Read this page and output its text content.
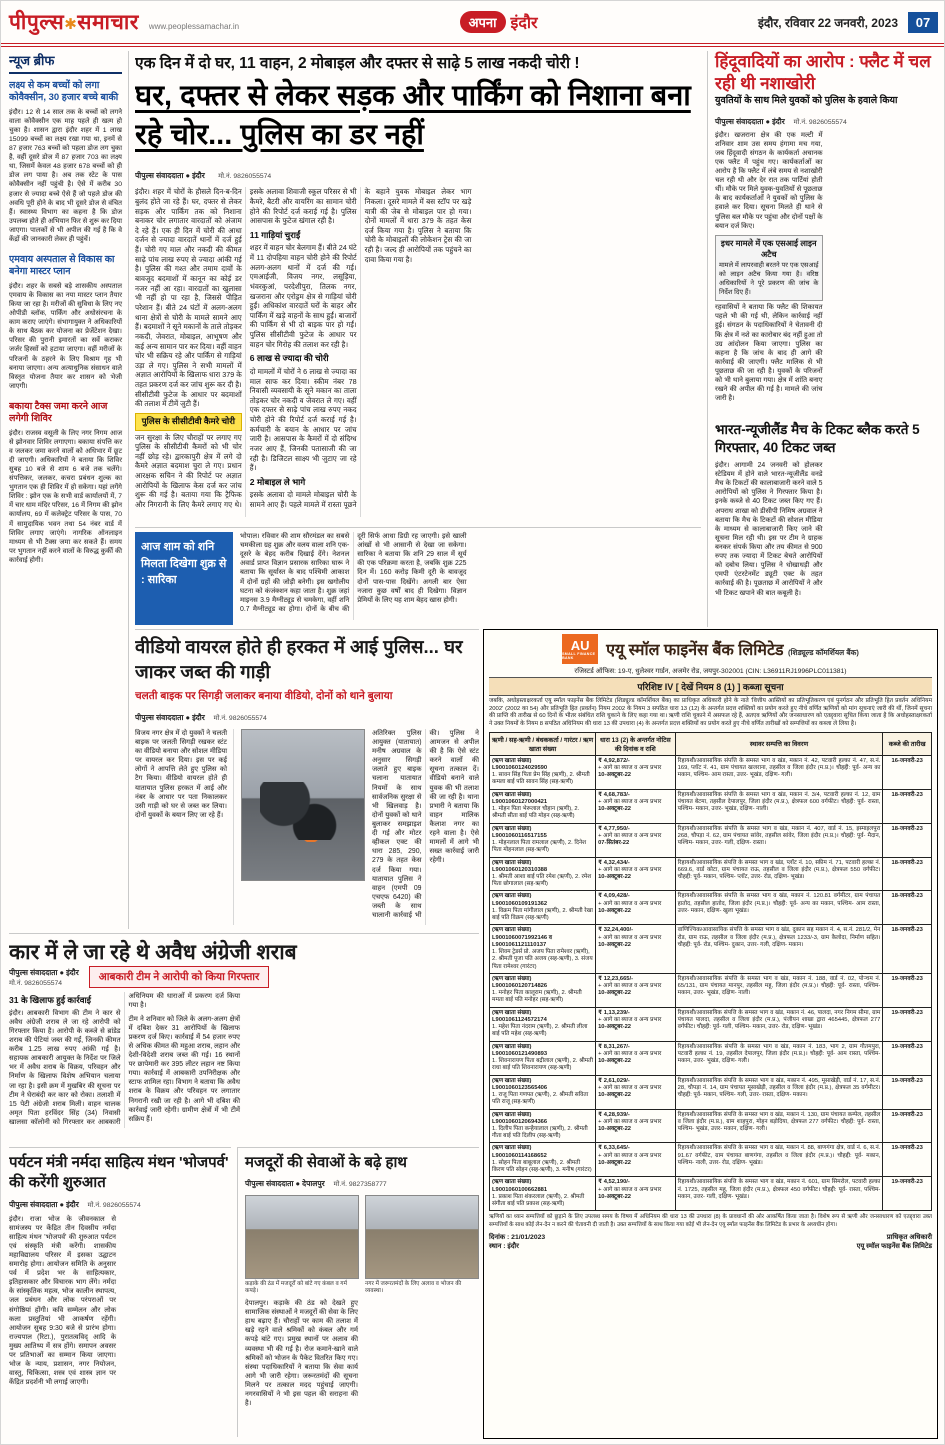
पीपुल्स✱समाचार www.peoplessamachar.in	अपना इंदौर	इंदौर, रविवार 22 जनवरी, 2023	07
न्यूज ब्रीफ
लक्ष्य से कम बच्चों को लगा कोवैक्सीन, 30 हजार बच्चे बाकी
इंदौर। 12 से 14 साल तक के बच्चों को लगने वाला कोवैक्सीन एक माह पहले ही खत्म हो चुका है। शासन द्वारा इंदौर शहर में 1 लाख 15099 बच्चों का लक्ष्य रखा गया था, इनमें से 87 हजार 763 बच्चों को पहला डोज लग चुका है, वहीं दूसरे डोज में 87 हजार 703 का लक्ष्य था, जिसमें केवल 48 हजार 678 बच्चों को ही डोज लग पाया है। अब तक स्टेट के पास कोवैक्सीन नहीं पहुंची है। ऐसे में करीब 30 हजार से ज्यादा बच्चे ऐसे हैं जो पहले डोज की अवधि पूरी होने के बाद भी दूसरे डोज से वंचित हैं। स्वास्थ्य विभाग का कहना है कि डोज उपलब्ध होते ही अभियान फिर से शुरू कर दिया जाएगा। पालकों से भी अपील की गई है कि वे केंद्रों की जानकारी लेकर ही पहुंचें।
एमवाय अस्पताल से विकास का बनेगा मास्टर प्लान
इंदौर। शहर के सबसे बड़े शासकीय अस्पताल एमवाय के विकास का नया मास्टर प्लान तैयार किया जा रहा है। मरीजों की सुविधा के लिए नए ओपीडी ब्लॉक, पार्किंग और अधोसंरचना के काम कराए जाएंगे। संभागायुक्त ने अधिकारियों के साथ बैठक कर योजना का प्रेजेंटेशन देखा। परिसर की पुरानी इमारतों का सर्वे कराकर जर्जर हिस्सों को हटाया जाएगा। वहीं मरीजों के परिजनों के ठहरने के लिए विश्राम गृह भी बनाया जाएगा। अन्य अत्याधुनिक संसाधन वाले विस्तृत योजना तैयार कर शासन को भेजी जाएगी।
बकाया टैक्स जमा करने आज लगेगी शिविर
इंदौर। राजस्व वसूली के लिए नगर निगम आज से झोनवार शिविर लगाएगा। बकाया संपत्ति कर व जलकर जमा करने वालों को अधिभार में छूट दी जाएगी। अधिकारियों ने बताया कि शिविर सुबह 10 बजे से शाम 6 बजे तक चलेंगे। संपत्तिकर, जलकर, कचरा प्रबंधन शुल्क का भुगतान एक ही शिविर में हो सकेगा। यहां लगेंगे शिविर : झोन एक के सभी वार्ड कार्यालयों में, 7 में चार धाम मंदिर परिसर, 16 में निगम की झोन कार्यालय, 69 में कलेक्ट्रेट परिसर के पास, 70 में सामुदायिक भवन तथा 54 नंबर वार्ड में शिविर लगाए जाएंगे। नागरिक ऑनलाइन माध्यम से भी टैक्स जमा कर सकते हैं। समय पर भुगतान नहीं करने वालों के विरुद्ध कुर्की की कार्रवाई होगी।
एक दिन में दो घर, 11 वाहन, 2 मोबाइल और दफ्तर से साढ़े 5 लाख नकदी चोरी !
घर, दफ्तर से लेकर सड़क और पार्किंग को निशाना बना रहे चोर... पुलिस का डर नहीं
पीपुल्स संवाददाता ● इंदौर मो.नं. 9826055574

इंदौर। शहर में चोरों के हौसले दिन-ब-दिन बुलंद होते जा रहे हैं। घर, दफ्तर से लेकर सड़क और पार्किंग तक को निशाना बनाकर चोर लगातार वारदातों को अंजाम दे रहे हैं। एक ही दिन में चोरी की आधा दर्जन से ज्यादा वारदातें थानों में दर्ज हुई हैं। चोरी गए माल और नकदी की कीमत साढ़े पांच लाख रुपए से ज्यादा आंकी गई है। पुलिस की गश्त और तमाम दावों के बावजूद बदमाशों में कानून का कोई डर नजर नहीं आ रहा। वारदातों का खुलासा भी नहीं हो पा रहा है, जिससे पीड़ित परेशान हैं। बीते 24 घंटों में अलग-अलग थाना क्षेत्रों से चोरी के मामले सामने आए हैं। बदमाशों ने सूने मकानों के ताले तोड़कर नकदी, जेवरात, मोबाइल, आभूषण और कई अन्य सामान पार कर दिया। वहीं वाहन चोर भी सक्रिय रहे और पार्किंग से गाड़ियां उड़ा ले गए। पुलिस ने सभी मामलों में अज्ञात आरोपियों के खिलाफ धारा 379 के तहत प्रकरण दर्ज कर जांच शुरू कर दी है। सीसीटीवी फुटेज के आधार पर बदमाशों की तलाश में टीमें जुटी हैं।

पुलिस के सीसीटीवी कैमरे चोरी

जन सुरक्षा के लिए चौराहों पर लगाए गए पुलिस के सीसीटीवी कैमरों को भी चोर नहीं छोड़ रहे। द्वारकापुरी क्षेत्र में लगे दो कैमरे अज्ञात बदमाश चुरा ले गए। प्रधान आरक्षक सचिन ने की रिपोर्ट पर अज्ञात आरोपियों के खिलाफ केस दर्ज कर जांच शुरू की गई है। बताया गया कि ट्रैफिक और निगरानी के लिए कैमरे लगाए गए थे। इसके अलावा शिवाजी स्कूल परिसर से भी कैमरे, बैटरी और वायरिंग का सामान चोरी होने की रिपोर्ट दर्ज कराई गई है। पुलिस आसपास के फुटेज खंगाल रही है।

11 गाड़ियां चुराईं

शहर में वाहन चोर बेलगाम हैं। बीते 24 घंटे में 11 दोपहिया वाहन चोरी होने की रिपोर्ट अलग-अलग थानों में दर्ज की गई। एमआईजी, विजय नगर, लसूड़िया, भंवरकुआं, परदेशीपुरा, तिलक नगर, खजराना और एरोड्रम क्षेत्र से गाड़ियां चोरी हुईं। अधिकांश वारदातें घरों के बाहर और पार्किंग में खड़े वाहनों के साथ हुईं। बाजारों की पार्किंग से भी दो बाइक पार हो गईं। पुलिस सीसीटीवी फुटेज के आधार पर वाहन चोर गिरोह की तलाश कर रही है।

6 लाख से ज्यादा की चोरी

दो मामलों में चोरों ने 6 लाख से ज्यादा का माल साफ कर दिया। स्कीम नंबर 78 निवासी व्यवसायी के सूने मकान का ताला तोड़कर चोर नकदी व जेवरात ले गए। वहीं एक दफ्तर से साढ़े पांच लाख रुपए नकद चोरी होने की रिपोर्ट दर्ज कराई गई है। कर्मचारी के बयान के आधार पर जांच जारी है। आसपास के कैमरों में दो संदिग्ध नजर आए हैं, जिनकी पतासाजी की जा रही है। डिजिटल साक्ष्य भी जुटाए जा रहे हैं।

2 मोबाइल ले भागे

इसके अलावा दो मामले मोबाइल चोरी के सामने आए हैं। पहले मामले में रास्ता पूछने के बहाने युवक मोबाइल लेकर भाग निकला। दूसरे मामले में बस स्टॉप पर खड़े यात्री की जेब से मोबाइल पार हो गया। दोनों मामलों में धारा 379 के तहत केस दर्ज किया गया है। पुलिस ने बताया कि चोरी के मोबाइलों की लोकेशन ट्रेस की जा रही है। जल्द ही आरोपियों तक पहुंचने का दावा किया गया है।

आज शाम को शनि मिलता दिखेगा शुक्र से : सारिका
भोपाल। रविवार की शाम सौरमंडल का सबसे चमकीला ग्रह शुक्र और वलय वाला शनि एक-दूसरे के बेहद करीब दिखाई देंगे। नेशनल अवार्ड प्राप्त विज्ञान प्रसारक सारिका घारू ने बताया कि सूर्यास्त के बाद पश्चिमी आकाश में दोनों ग्रहों की जोड़ी बनेगी। इस खगोलीय घटना को कंजंक्शन कहा जाता है। शुक्र जहां माइनस 3.9 मैग्नीट्यूड से चमकेगा, वहीं शनि 0.7 मैग्नीट्यूड का होगा। दोनों के बीच की दूरी सिर्फ आधा डिग्री रह जाएगी। इसे खाली आंखों से भी आसानी से देखा जा सकेगा। सारिका ने बताया कि शनि 29 साल में सूर्य की एक परिक्रमा करता है, जबकि शुक्र 225 दिन में। 160 करोड़ किमी दूरी के बावजूद दोनों पास-पास दिखेंगे। अगली बार ऐसा नजारा कुछ वर्षों बाद ही दिखेगा। विज्ञान प्रेमियों के लिए यह शाम बेहद खास होगी।
हिंदूवादियों का आरोप : फ्लैट में चल रही थी नशाखोरी
युवतियों के साथ मिले युवकों को पुलिस के हवाले किया
पीपुल्स संवाददाता ● इंदौर मो.नं. 9826055574

इंदौर। खजराना क्षेत्र की एक मल्टी में शनिवार शाम उस समय हंगामा मच गया, जब हिंदूवादी संगठन के कार्यकर्ता अचानक एक फ्लैट में पहुंच गए। कार्यकर्ताओं का आरोप है कि फ्लैट में लंबे समय से नशाखोरी चल रही थी और देर रात तक पार्टियां होती थीं। मौके पर मिले युवक-युवतियों से पूछताछ के बाद कार्यकर्ताओं ने युवकों को पुलिस के हवाले कर दिया। सूचना मिलते ही थाने से पुलिस बल मौके पर पहुंचा और दोनों पक्षों के बयान दर्ज किए।

इधर मामले में एक एसआई लाइन अटैच

मामले में लापरवाही बरतने पर एक एसआई को लाइन अटैच किया गया है। वरिष्ठ अधिकारियों ने पूरे प्रकरण की जांच के निर्देश दिए हैं।

रहवासियों ने बताया कि फ्लैट की शिकायत पहले भी की गई थी, लेकिन कार्रवाई नहीं हुई। संगठन के पदाधिकारियों ने चेतावनी दी कि क्षेत्र में नशे का कारोबार बंद नहीं हुआ तो उग्र आंदोलन किया जाएगा। पुलिस का कहना है कि जांच के बाद ही आगे की कार्रवाई की जाएगी। फ्लैट मालिक से भी पूछताछ की जा रही है। युवकों के परिजनों को भी थाने बुलाया गया। क्षेत्र में शांति बनाए रखने की अपील की गई है। मामले की जांच जारी है।

भारत-न्यूजीलैंड मैच के टिकट ब्लैक करते 5 गिरफ्तार, 40 टिकट जब्त
इंदौर। आगामी 24 जनवरी को होलकर स्टेडियम में होने वाले भारत-न्यूजीलैंड वनडे मैच के टिकटों की कालाबाजारी करने वाले 5 आरोपियों को पुलिस ने गिरफ्तार किया है। इनके कब्जे से 40 टिकट जब्त किए गए हैं। अपराध शाखा को डीसीपी निमिष अग्रवाल ने बताया कि मैच के टिकटों की सोशल मीडिया के माध्यम से कालाबाजारी किए जाने की सूचना मिल रही थी। इस पर टीम ने ग्राहक बनकर संपर्क किया और तय कीमत से 900 रुपए तक ज्यादा में टिकट बेचते आरोपियों को दबोच लिया। पुलिस ने धोखाधड़ी और एमपी एंटरटेनमेंट ड्यूटी एक्ट के तहत कार्रवाई की है। पूछताछ में आरोपियों ने और भी टिकट खपाने की बात कबूली है।
वीडियो वायरल होते ही हरकत में आई पुलिस... घर जाकर जब्त की गाड़ी
चलती बाइक पर सिगड़ी जलाकर बनाया वीडियो, दोनों को थाने बुलाया
पीपुल्स संवाददाता ● इंदौर मो.नं. 9826055574
विजय नगर क्षेत्र में दो युवकों ने चलती बाइक पर जलती सिगड़ी रखकर स्टंट का वीडियो बनाया और सोशल मीडिया पर वायरल कर दिया। इस पर कई लोगों ने आपत्ति लेते हुए पुलिस को टैग किया। वीडियो वायरल होते ही यातायात पुलिस हरकत में आई और नंबर के आधार पर पता निकालकर उसी गाड़ी को घर से जब्त कर लिया। दोनों युवकों के बयान लिए जा रहे हैं।
अतिरिक्त पुलिस आयुक्त (यातायात) मनीष अग्रवाल के अनुसार सिगड़ी जलाते हुए बाइक चलाना यातायात नियमों के साथ सार्वजनिक सुरक्षा से भी खिलवाड़ है। दोनों युवकों को थाने बुलाकर समझाइश दी गई और मोटर व्हीकल एक्ट की धारा 285, 290, 279 के तहत केस दर्ज किया गया। यातायात पुलिस ने वाहन (एमपी 09 एचएफ 6420) की जब्ती के साथ चालानी कार्रवाई भी की। पुलिस ने आमजन से अपील की है कि ऐसे स्टंट करने वालों की सूचना तत्काल दें। वीडियो बनाने वाले युवक की भी तलाश की जा रही है। थाना प्रभारी ने बताया कि वाहन मालिक कैलाश नगर का रहने वाला है। ऐसे मामलों में आगे भी सख्त कार्रवाई जारी रहेगी।
कार में ले जा रहे थे अवैध अंग्रेजी शराब
पीपुल्स संवाददाता ● इंदौर
मो.नं. 9826055574	आबकारी टीम ने आरोपी को किया गिरफ्तार
31 के खिलाफ हुई कार्रवाई

इंदौर। आबकारी विभाग की टीम ने कार से अवैध अंग्रेजी शराब ले जा रहे आरोपी को गिरफ्तार किया है। आरोपी के कब्जे से ब्रांडेड शराब की पेटियां जब्त की गईं, जिनकी कीमत करीब 1.25 लाख रुपए आंकी गई है। सहायक आबकारी आयुक्त के निर्देश पर जिले भर में अवैध शराब के विक्रय, परिवहन और निर्माण के खिलाफ विशेष अभियान चलाया जा रहा है। इसी क्रम में मुखबिर की सूचना पर टीम ने घेराबंदी कर कार को रोका। तलाशी में 15 पेटी अंग्रेजी शराब मिली। वाहन चालक अमृत पिता हरविंदर सिंह (34) निवासी खालसा कॉलोनी को गिरफ्तार कर आबकारी अधिनियम की धाराओं में प्रकरण दर्ज किया गया है।

टीम ने शनिवार को जिले के अलग-अलग क्षेत्रों में दबिश देकर 31 आरोपियों के खिलाफ प्रकरण दर्ज किए। कार्रवाई में 54 हजार रुपए से अधिक कीमत की महुआ शराब, लहान और देशी-विदेशी शराब जब्त की गई। 16 स्थानों पर छापेमारी कर 395 लीटर लहान नष्ट किया गया। कार्रवाई में आबकारी उपनिरीक्षक और स्टाफ शामिल रहा। विभाग ने बताया कि अवैध शराब के विक्रय और परिवहन पर लगातार निगरानी रखी जा रही है। आगे भी दबिश की कार्रवाई जारी रहेगी। ग्रामीण क्षेत्रों में भी टीमें सक्रिय हैं।

पर्यटन मंत्री नर्मदा साहित्य मंथन 'भोजपर्व' की करेंगी शुरुआत
पीपुल्स संवाददाता ● इंदौर मो.नं. 9826055574
इंदौर। राजा भोज के जीवनकाल से सामंजस्य पर केंद्रित तीन दिवसीय नर्मदा साहित्य मंथन 'भोजपर्व' की शुरुआत पर्यटन एवं संस्कृति मंत्री करेंगी। शासकीय महाविद्यालय परिसर में इसका उद्घाटन समारोह होगा। आयोजन समिति के अनुसार पर्व में प्रदेश भर के साहित्यकार, इतिहासकार और विचारक भाग लेंगे। नर्मदा के सांस्कृतिक महत्व, भोज कालीन स्थापत्य, जल प्रबंधन और लोक परंपराओं पर संगोष्ठियां होंगी। कवि सम्मेलन और लोक कला प्रस्तुतियां भी आकर्षण रहेंगी। आयोजन सुबह 9:30 बजे से प्रारंभ होगा। राज्यपाल (रिटा.), पुरातत्वविद् आदि के मुख्य आतिथ्य में सत्र होंगे। समापन अवसर पर प्रतिभाओं का सम्मान किया जाएगा। भोज के न्याय, प्रशासन, नगर नियोजन, वास्तु, चिकित्सा, शस्त्र एवं शास्त्र ज्ञान पर केंद्रित प्रदर्शनी भी लगाई जाएगी।
मजदूरों की सेवाओं के बढ़े हाथ
पीपुल्स संवाददाता ● देपालपुर मो.नं. 9827358777
कड़ाके की ठंड में मजदूरों को बांटे गए कंबल व गर्म कपड़े।
नगर में जरूरतमंदों के लिए अलाव व भोजन की व्यवस्था।
देपालपुर। कड़ाके की ठंड को देखते हुए सामाजिक संस्थाओं ने मजदूरों की सेवा के लिए हाथ बढ़ाए हैं। चौराहों पर काम की तलाश में खड़े रहने वाले श्रमिकों को कंबल और गर्म कपड़े बांटे गए। प्रमुख स्थानों पर अलाव की व्यवस्था भी की गई है। रोज कमाने-खाने वाले श्रमिकों को भोजन के पैकेट वितरित किए गए। संस्था पदाधिकारियों ने बताया कि सेवा कार्य आगे भी जारी रहेगा। जरूरतमंदों की सूचना मिलने पर तत्काल मदद पहुंचाई जाएगी। नगरवासियों ने भी इस पहल की सराहना की है।
AU
SMALL FINANCE BANK	एयू स्मॉल फाइनेंस बैंक लिमिटेड (शिड्यूल्ड कॉमर्शियल बैंक)
रजिस्टर्ड ऑफिस: 19-ए, धुलेश्वर गार्डन, अजमेर रोड, जयपुर-302001 (CIN: L36911RJ1996PLC011381)
परिशिष्ट IV [ देखें नियम 8 (1) ] कब्जा सूचना
जबकि, अधोहस्ताक्षरकर्ता एयू स्मॉल फाइनेंस बैंक लिमिटेड (शिड्यूल्ड कॉमर्शियल बैंक) का प्राधिकृत अधिकारी होने के नाते 'वित्तीय आस्तियों का प्रतिभूतिकरण एवं पुनर्गठन और प्रतिभूति हित प्रवर्तन अधिनियम 2002' (2002 का 54) और प्रतिभूति हित (प्रवर्तन) नियम 2002 के नियम 3 सपठित धारा 13 (12) के अन्तर्गत प्रदत्त शक्तियों का प्रयोग करते हुए नीचे वर्णित ऋणियों को मांग सूचनाएं जारी की थीं, जिनमें सूचना की प्राप्ति की तारीख से 60 दिनों के भीतर संबंधित राशि चुकाने के लिए कहा गया था। ऋणी राशि चुकाने में असफल रहे हैं, अतएव ऋणियों और जनसाधारण को एतद्द्वारा सूचित किया जाता है कि अधोहस्ताक्षरकर्ता ने उक्त नियमों के नियम 8 सपठित अधिनियम की धारा 13 की उपधारा (4) के अन्तर्गत प्रदत्त शक्तियों का प्रयोग करते हुए नीचे वर्णित तारीखों को सम्पत्तियों का कब्जा ले लिया है।
ऋणी / सह-ऋणी / बंधककर्ता / गारंटर / ऋण खाता संख्या	धारा 13 (2) के अन्तर्गत नोटिस की दिनांक व राशि	स्थावर सम्पत्ति का विवरण	कब्जे की तारीख

(ऋण खाता संख्या)
L9001060124029590
1. सावन सिंह पिता प्रेम सिंह (ऋणी), 2. श्रीमती कमला बाई पति सावन सिंह (सह-ऋणी)

₹ 4,92,872/-
+ आगे का ब्याज व अन्य प्रभार
10-अक्टूबर-22
	रिहायशी/आवासायिक संपत्ति के समस्त भाग व खंड, मकान नं. 42, पटवारी हल्का नं. 47, स.नं. 169, प्लॉट नं. 41, ग्राम पंचायत खजराना, तहसील व जिला इंदौर (म.प्र.)। चौहद्दी: पूर्व- अन्य का मकान, पश्चिम- आम रास्ता, उत्तर- भूखंड, दक्षिण- गली।	16-जनवरी-23

(ऋण खाता संख्या)
L9001060127000421
1. मोहन पिता भेरूलाल चौहान (ऋणी), 2. श्रीमती सीता बाई पति मोहन (सह-ऋणी)

₹ 4,68,783/-
+ आगे का ब्याज व अन्य प्रभार
10-अक्टूबर-22
	रिहायशी/आवासायिक संपत्ति के समस्त भाग व खंड, मकान नं. 3/4, पटवारी हल्का नं. 12, ग्राम पंचायत बेटमा, तहसील देपालपुर, जिला इंदौर (म.प्र.), क्षेत्रफल 600 वर्गफीट। चौहद्दी: पूर्व- रास्ता, पश्चिम- मकान, उत्तर- भूखंड, दक्षिण- नाली।	18-जनवरी-23

(ऋण खाता संख्या)
L9001060116517155
1. मोहनलाल पिता रामलाल (ऋणी), 2. दिनेश पिता मोहनलाल (सह-ऋणी)

₹ 4,77,950/-
+ आगे का ब्याज व अन्य प्रभार
07-सितंबर-22
	रिहायशी/आवासायिक संपत्ति के समस्त भाग व खंड, मकान नं. 407, वार्ड नं. 15, इस्माइलपुरा 268, चौपड़ा नं. 62, ग्राम पंचायत सांवेर, तहसील सांवेर, जिला इंदौर (म.प्र.)। चौहद्दी: पूर्व- मैदान, पश्चिम- मकान, उत्तर- गली, दक्षिण- रास्ता।	18-जनवरी-23

(ऋण खाता संख्या)
L9001060120310388
1. श्रीमती आशा बाई पति रमेश (ऋणी), 2. रमेश पिता छोगालाल (सह-ऋणी)

₹ 4,32,434/-
+ आगे का ब्याज व अन्य प्रभार
10-अक्टूबर-22
	रिहायशी/आवासायिक संपत्ति के समस्त भाग व खंड, प्लॉट नं. 10, स्कीम नं. 71, पटवारी हल्का नं. 669.6, वार्ड कोटा, ग्राम पंचायत राऊ, तहसील व जिला इंदौर (म.प्र.), क्षेत्रफल 550 वर्गफीट। चौहद्दी: पूर्व- मकान, पश्चिम- प्लॉट, उत्तर- रोड, दक्षिण- भूखंड।	18-जनवरी-23

(ऋण खाता संख्या)
L9001060109191362
1. विक्रम पिता मांगीलाल (ऋणी), 2. श्रीमती रेखा बाई पति विक्रम (सह-ऋणी)

₹ 4,09,428/-
+ आगे का ब्याज व अन्य प्रभार
10-अक्टूबर-22
	रिहायशी/आवासायिक संपत्ति के समस्त भाग व खंड, मकान नं. 120.81 वर्गमीटर, ग्राम पंचायत हातोद, तहसील हातोद, जिला इंदौर (म.प्र.)। चौहद्दी: पूर्व- अन्य का मकान, पश्चिम- आम रास्ता, उत्तर- मकान, दक्षिण- खुला भूखंड।	18-जनवरी-23

(ऋण खाता संख्या)
L9001060071992146 व L9001061121110137
1. शिवम ट्रेडर्स प्रो. अजय पिता रामेश्वर (ऋणी), 2. श्रीमती पूजा पति अजय (सह-ऋणी), 3. संजय पिता रामेश्वर (गारंटर)

₹ 32,24,400/-
+ आगे का ब्याज व अन्य प्रभार
10-अक्टूबर-22
	वाणिज्यिक/आवासायिक संपत्ति के समस्त भाग व खंड, दुकान सह मकान नं. 4, स.नं. 281/2, मेन रोड, ग्राम राऊ, तहसील व जिला इंदौर (म.प्र.), क्षेत्रफल 1233/-3, ग्राम कैलोदा, निर्माण सहित। चौहद्दी: पूर्व- रोड, पश्चिम- दुकान, उत्तर- गली, दक्षिण- मकान।	18-जनवरी-23

(ऋण खाता संख्या)
L9001060120714826
1. मनोहर पिता कालूराम (ऋणी), 2. श्रीमती ममता बाई पति मनोहर (सह-ऋणी)

₹ 12,23,665/-
+ आगे का ब्याज व अन्य प्रभार
10-अक्टूबर-22
	रिहायशी/आवासायिक संपत्ति के समस्त भाग व खंड, मकान नं. 188, वार्ड नं. 02, पोऱ्चम नं. 65/131, ग्राम पंचायत मानपुर, तहसील महू, जिला इंदौर (म.प्र.)। चौहद्दी: पूर्व- रास्ता, पश्चिम- मकान, उत्तर- भूखंड, दक्षिण- नाली।	19-जनवरी-23

(ऋण खाता संख्या)
L9001061124572174
1. महेश पिता नंदराम (ऋणी), 2. श्रीमती लीला बाई पति महेश (सह-ऋणी)

₹ 1,13,239/-
+ आगे का ब्याज व अन्य प्रभार
10-अक्टूबर-22
	रिहायशी/आवासायिक संपत्ति के समस्त भाग व खंड, मकान नं. 46, पालदा, नगर निगम सीमा, ग्राम पंचायत पालदा, तहसील व जिला इंदौर (म.प्र.), पंजीयन शाखा द्वारा 465445, क्षेत्रफल 277 वर्गफीट। चौहद्दी: पूर्व- गली, पश्चिम- मकान, उत्तर- रोड, दक्षिण- भूखंड।	19-जनवरी-23

(ऋण खाता संख्या)
L9001060121490893
1. शिवनारायण पिता बद्रीलाल (ऋणी), 2. श्रीमती राधा बाई पति शिवनारायण (सह-ऋणी)

₹ 8,31,267/-
+ आगे का ब्याज व अन्य प्रभार
10-अक्टूबर-22
	रिहायशी/आवासायिक संपत्ति के समस्त भाग व खंड, मकान नं. 183, भाग 2, ग्राम गौतमपुरा, पटवारी हल्का नं. 19, तहसील देपालपुर, जिला इंदौर (म.प्र.)। चौहद्दी: पूर्व- आम रास्ता, पश्चिम- मकान, उत्तर- भूखंड, दक्षिण- गली।	19-जनवरी-23

(ऋण खाता संख्या)
L9001060123565406
1. राजू पिता गणपत (ऋणी), 2. श्रीमती सविता पति राजू (सह-ऋणी)

₹ 2,61,029/-
+ आगे का ब्याज व अन्य प्रभार
10-अक्टूबर-22
	रिहायशी/आवासायिक संपत्ति के समस्त भाग व खंड, मकान नं. 495, मूसाखेड़ी, वार्ड नं. 17, स.नं. 28, चौपड़ा नं. 14, ग्राम पंचायत मूसाखेड़ी, तहसील व जिला इंदौर (म.प्र.), क्षेत्रफल 35 वर्गमीटर। चौहद्दी: पूर्व- मकान, पश्चिम- गली, उत्तर- रास्ता, दक्षिण- मकान।	19-जनवरी-23

(ऋण खाता संख्या)
L9001060120694366
1. दिलीप पिता कन्हैयालाल (ऋणी), 2. श्रीमती गीता बाई पति दिलीप (सह-ऋणी)

₹ 4,28,939/-
+ आगे का ब्याज व अन्य प्रभार
10-अक्टूबर-22
	रिहायशी/आवासायिक संपत्ति के समस्त भाग व खंड, मकान नं. 130, ग्राम पंचायत कम्पेल, तहसील व जिला इंदौर (म.प्र.), ग्राम शाहपुरा, मोहन बड़ोदिया, क्षेत्रफल 277 वर्गफीट। चौहद्दी: पूर्व- रास्ता, पश्चिम- भूखंड, उत्तर- मकान, दक्षिण- गली।	19-जनवरी-23

(ऋण खाता संख्या)
L9001060114168652
1. सोहन पिता बाबूलाल (ऋणी), 2. श्रीमती किरण पति सोहन (सह-ऋणी), 3. मनीष (गारंटर)

₹ 6,33,645/-
+ आगे का ब्याज व अन्य प्रभार
10-अक्टूबर-22
	रिहायशी/आवासायिक संपत्ति के समस्त भाग व खंड, मकान नं. 88, बाणगंगा क्षेत्र, वार्ड नं. 6, स.नं. 91.67 वर्गफीट, ग्राम पंचायत बाणगंगा, तहसील व जिला इंदौर (म.प्र.)। चौहद्दी: पूर्व- मकान, पश्चिम- नाली, उत्तर- रोड, दक्षिण- भूखंड।	19-जनवरी-23

(ऋण खाता संख्या)
L9001060100662881
1. प्रकाश पिता शंकरलाल (ऋणी), 2. श्रीमती संगीता बाई पति प्रकाश (सह-ऋणी)

₹ 4,52,190/-
+ आगे का ब्याज व अन्य प्रभार
10-अक्टूबर-22
	रिहायशी/आवासायिक संपत्ति के समस्त भाग व खंड, मकान नं. 601, ग्राम सिमरोल, पटवारी हल्का नं. 1725, तहसील महू, जिला इंदौर (म.प्र.), क्षेत्रफल 450 वर्गफीट। चौहद्दी: पूर्व- रास्ता, पश्चिम- मकान, उत्तर- गली, दक्षिण- भूखंड।	19-जनवरी-23
ऋणियों का ध्यान सम्पत्तियों को छुड़ाने के लिए उपलब्ध समय के विषय में अधिनियम की धारा 13 की उपधारा (8) के प्रावधानों की ओर आकर्षित किया जाता है। विशेष रूप से ऋणी और जनसाधारण को एतद्द्वारा उक्त सम्पत्तियों के साथ कोई लेन-देन न करने की चेतावनी दी जाती है। उक्त सम्पत्तियों के साथ किया गया कोई भी लेन-देन एयू स्मॉल फाइनेंस बैंक लिमिटेड के प्रभार के अध्यधीन होगा।
दिनांक : 21/01/2023
स्थान : इंदौर
प्राधिकृत अधिकारी
एयू स्मॉल फाइनेंस बैंक लिमिटेड
